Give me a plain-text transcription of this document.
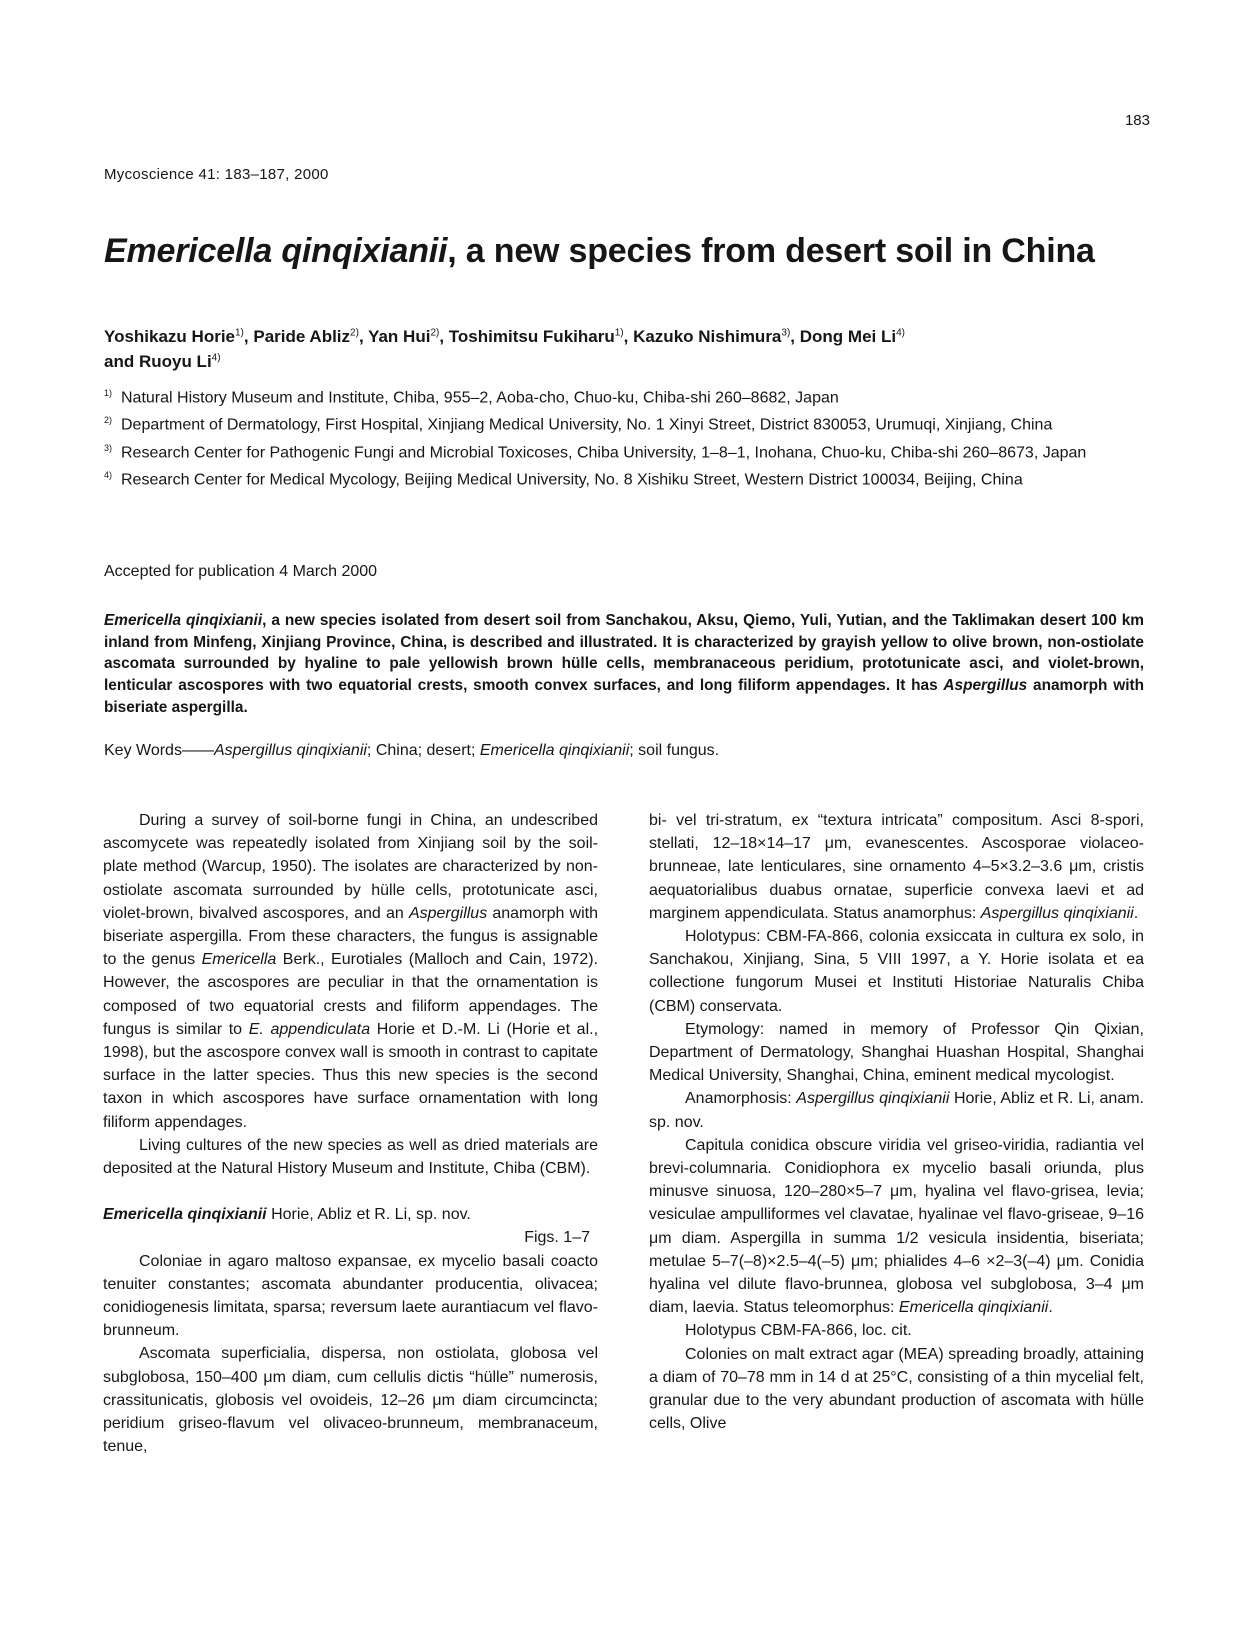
183
Mycoscience 41: 183–187, 2000
Emericella qinqixianii, a new species from desert soil in China
Yoshikazu Horie$^{1)}$, Paride Abliz$^{2)}$, Yan Hui$^{2)}$, Toshimitsu Fukiharu$^{1)}$, Kazuko Nishimura$^{3)}$, Dong Mei Li$^{4)}$
and Ruoyu Li$^{4)}$
$^{1)}$ Natural History Museum and Institute, Chiba, 955–2, Aoba-cho, Chuo-ku, Chiba-shi 260–8682, Japan
$^{2)}$ Department of Dermatology, First Hospital, Xinjiang Medical University, No. 1 Xinyi Street, District 830053, Urumuqi, Xinjiang, China
$^{3)}$ Research Center for Pathogenic Fungi and Microbial Toxicoses, Chiba University, 1–8–1, Inohana, Chuo-ku, Chiba-shi 260–8673, Japan
$^{4)}$ Research Center for Medical Mycology, Beijing Medical University, No. 8 Xishiku Street, Western District 100034, Beijing, China
Accepted for publication 4 March 2000
Emericella qinqixianii, a new species isolated from desert soil from Sanchakou, Aksu, Qiemo, Yuli, Yutian, and the Taklimakan desert 100 km inland from Minfeng, Xinjiang Province, China, is described and illustrated. It is characterized by grayish yellow to olive brown, non-ostiolate ascomata surrounded by hyaline to pale yellowish brown hülle cells, membranaceous peridium, prototunicate asci, and violet-brown, lenticular ascospores with two equatorial crests, smooth convex surfaces, and long filiform appendages. It has Aspergillus anamorph with biseriate aspergilla.
Key Words——Aspergillus qinqixianii; China; desert; Emericella qinqixianii; soil fungus.

During a survey of soil-borne fungi in China, an undescribed ascomycete was repeatedly isolated from Xinjiang soil by the soil-plate method (Warcup, 1950). The isolates are characterized by non-ostiolate ascomata surrounded by hülle cells, prototunicate asci, violet-brown, bivalved ascospores, and an Aspergillus anamorph with biseriate aspergilla. From these characters, the fungus is assignable to the genus Emericella Berk., Eurotiales (Malloch and Cain, 1972). However, the ascospores are peculiar in that the ornamentation is composed of two equatorial crests and filiform appendages. The fungus is similar to E. appendiculata Horie et D.-M. Li (Horie et al., 1998), but the ascospore convex wall is smooth in contrast to capitate surface in the latter species. Thus this new species is the second taxon in which ascospores have surface ornamentation with long filiform appendages.

Living cultures of the new species as well as dried materials are deposited at the Natural History Museum and Institute, Chiba (CBM).

Emericella qinqixianii Horie, Abliz et R. Li, sp. nov.

Figs. 1–7

Coloniae in agaro maltoso expansae, ex mycelio basali coacto tenuiter constantes; ascomata abundanter producentia, olivacea; conidiogenesis limitata, sparsa; reversum laete aurantiacum vel flavo-brunneum.

Ascomata superficialia, dispersa, non ostiolata, globosa vel subglobosa, 150–400 μm diam, cum cellulis dictis “hülle” numerosis, crassitunicatis, globosis vel ovoideis, 12–26 μm diam circumcincta; peridium griseo-flavum vel olivaceo-brunneum, membranaceum, tenue,

bi- vel tri-stratum, ex “textura intricata” compositum. Asci 8-spori, stellati, 12–18×14–17 μm, evanescentes. Ascosporae violaceo-brunneae, late lenticulares, sine ornamento 4–5×3.2–3.6 μm, cristis aequatorialibus duabus ornatae, superficie convexa laevi et ad marginem appendiculata. Status anamorphus: Aspergillus qinqixianii.

Holotypus: CBM-FA-866, colonia exsiccata in cultura ex solo, in Sanchakou, Xinjiang, Sina, 5 VIII 1997, a Y. Horie isolata et ea collectione fungorum Musei et Instituti Historiae Naturalis Chiba (CBM) conservata.

Etymology: named in memory of Professor Qin Qixian, Department of Dermatology, Shanghai Huashan Hospital, Shanghai Medical University, Shanghai, China, eminent medical mycologist.

Anamorphosis: Aspergillus qinqixianii Horie, Abliz et R. Li, anam. sp. nov.

Capitula conidica obscure viridia vel griseo-viridia, radiantia vel brevi-columnaria. Conidiophora ex mycelio basali oriunda, plus minusve sinuosa, 120–280×5–7 μm, hyalina vel flavo-grisea, levia; vesiculae ampulliformes vel clavatae, hyalinae vel flavo-griseae, 9–16 μm diam. Aspergilla in summa 1/2 vesicula insidentia, biseriata; metulae 5–7(–8)×2.5–4(–5) μm; phialides 4–6 ×2–3(–4) μm. Conidia hyalina vel dilute flavo-brunnea, globosa vel subglobosa, 3–4 μm diam, laevia. Status teleomorphus: Emericella qinqixianii.

Holotypus CBM-FA-866, loc. cit.

Colonies on malt extract agar (MEA) spreading broadly, attaining a diam of 70–78 mm in 14 d at 25°C, consisting of a thin mycelial felt, granular due to the very abundant production of ascomata with hülle cells, Olive
